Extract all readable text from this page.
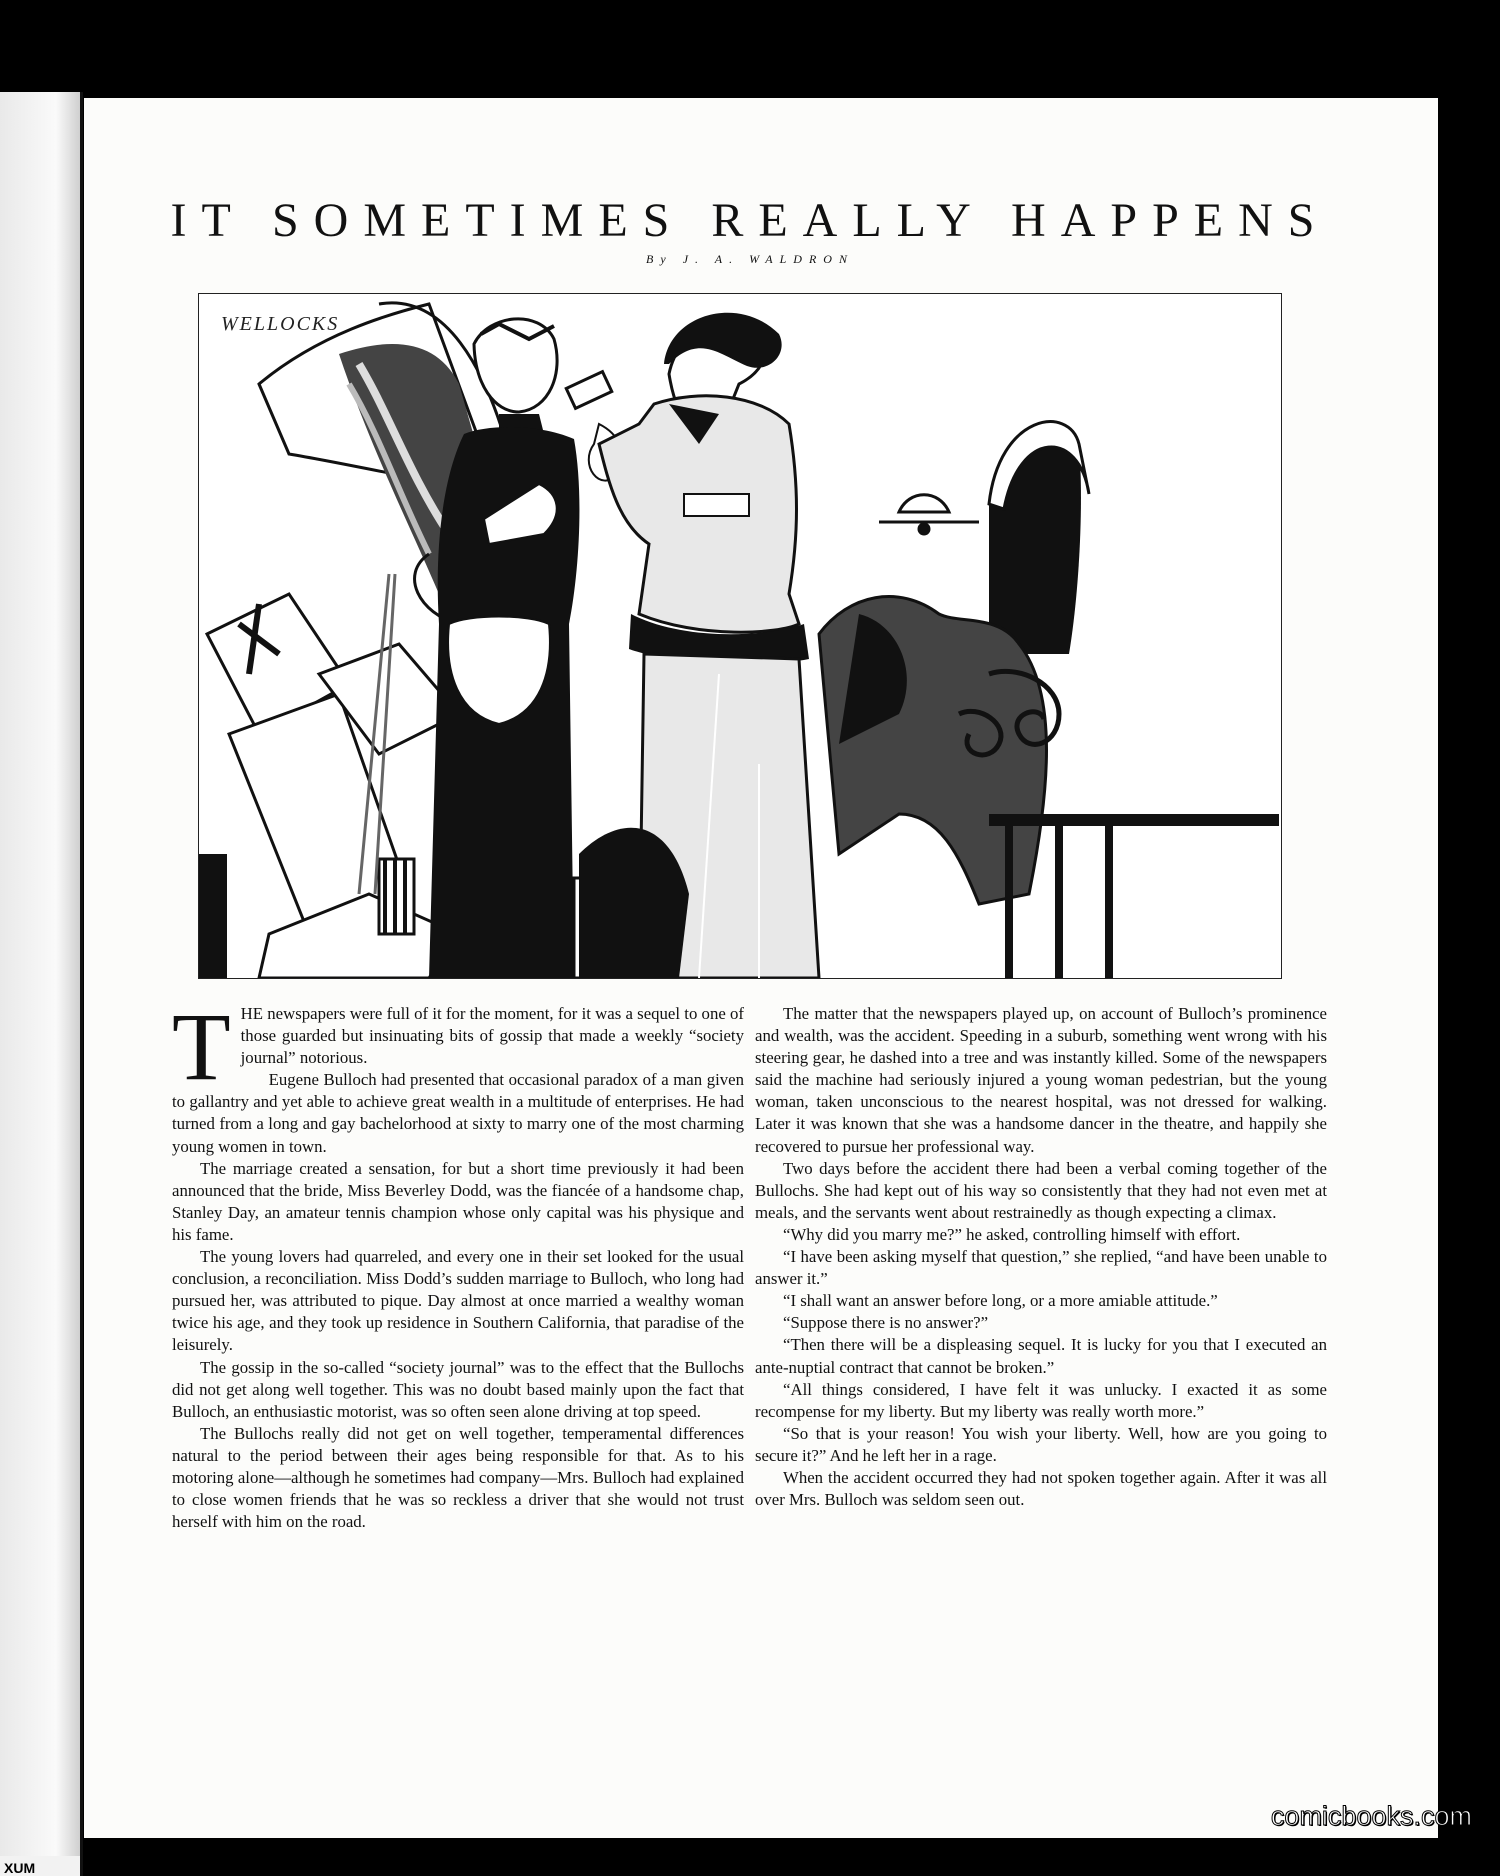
IT SOMETIMES REALLY HAPPENS
By J. A. WALDRON
WELLOCKS

THE newspapers were full of it for the moment, for it was a sequel to one of those guarded but insinuating bits of gossip that made a weekly “society journal” notorious.

Eugene Bulloch had presented that occasional paradox of a man given to gallantry and yet able to achieve great wealth in a multitude of enterprises. He had turned from a long and gay bachelorhood at sixty to marry one of the most charming young women in town.

The marriage created a sensation, for but a short time previously it had been announced that the bride, Miss Beverley Dodd, was the fiancée of a handsome chap, Stanley Day, an amateur tennis champion whose only capital was his physique and his fame.

The young lovers had quarreled, and every one in their set looked for the usual conclusion, a reconciliation. Miss Dodd’s sudden marriage to Bulloch, who long had pursued her, was attributed to pique. Day almost at once married a wealthy woman twice his age, and they took up residence in Southern California, that paradise of the leisurely.

The gossip in the so-called “society journal” was to the effect that the Bullochs did not get along well together. This was no doubt based mainly upon the fact that Bulloch, an enthusiastic motorist, was so often seen alone driving at top speed.

The Bullochs really did not get on well together, temperamental differences natural to the period between their ages being responsible for that. As to his motoring alone—although he sometimes had company—Mrs. Bulloch had explained to close women friends that he was so reckless a driver that she would not trust herself with him on the road.

The matter that the newspapers played up, on account of Bulloch’s prominence and wealth, was the accident. Speeding in a suburb, something went wrong with his steering gear, he dashed into a tree and was instantly killed. Some of the newspapers said the machine had seriously injured a young woman pedestrian, but the young woman, taken unconscious to the nearest hospital, was not dressed for walking. Later it was known that she was a handsome dancer in the theatre, and happily she recovered to pursue her professional way.

Two days before the accident there had been a verbal coming together of the Bullochs. She had kept out of his way so consistently that they had not even met at meals, and the servants went about restrainedly as though expecting a climax.

“Why did you marry me?” he asked, controlling himself with effort.

“I have been asking myself that question,” she replied, “and have been unable to answer it.”

“I shall want an answer before long, or a more amiable attitude.”

“Suppose there is no answer?”

“Then there will be a displeasing sequel. It is lucky for you that I executed an ante-nuptial contract that cannot be broken.”

“All things considered, I have felt it was unlucky. I exacted it as some recompense for my liberty. But my liberty was really worth more.”

“So that is your reason! You wish your liberty. Well, how are you going to secure it?” And he left her in a rage.

When the accident occurred they had not spoken together again. After it was all over Mrs. Bulloch was seldom seen out.

comicbooks.com
XUM
